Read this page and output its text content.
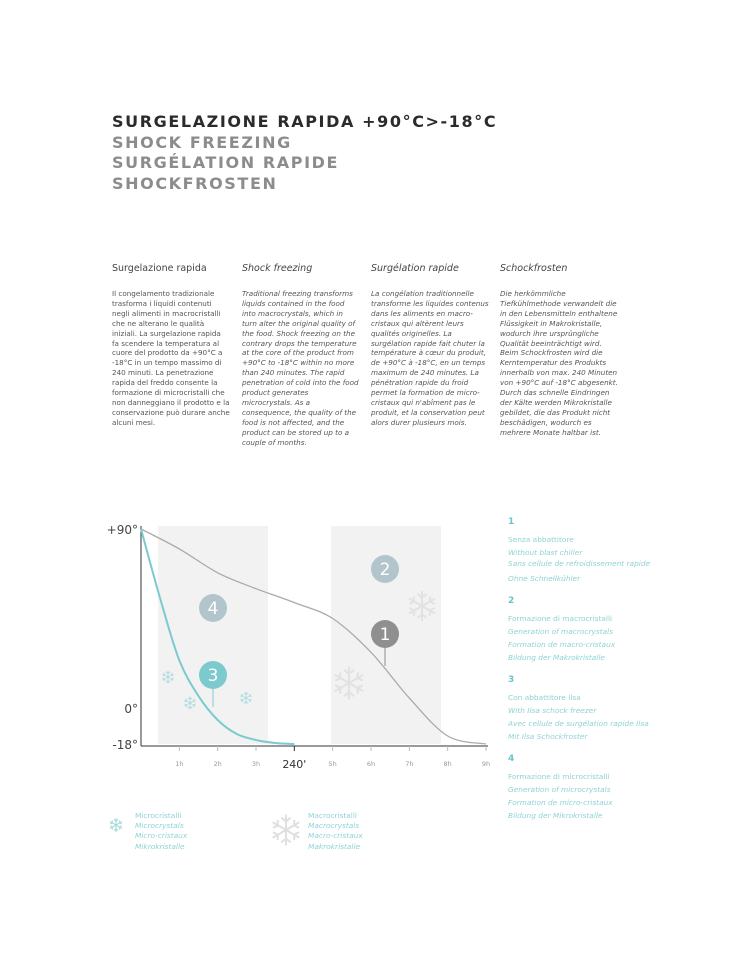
SURGELAZIONE RAPIDA +90°C>-18°C
SHOCK FREEZING
SURGÉLATION RAPIDE
SHOCKFROSTEN
Surgelazione rapida

Il congelamento tradizionale trasforma i liquidi contenuti negli alimenti in macrocristalli che ne alterano le qualità iniziali. La surgelazione rapida fa scendere la temperatura al cuore del prodotto da +90°C a -18°C in un tempo massimo di 240 minuti. La penetrazione rapida del freddo consente la formazione di microcristalli che non danneggiano il prodotto e la conservazione può durare anche alcuni mesi.

Shock freezing

Traditional freezing transforms liquids contained in the food into macrocrystals, which in turn alter the original quality of the food. Shock freezing on the contrary drops the temperature at the core of the product from +90°C to -18°C within no more than 240 minutes. The rapid penetration of cold into the food product generates microcrystals. As a consequence, the quality of the food is not affected, and the product can be stored up to a couple of months.

Surgélation rapide

La congélation traditionnelle transforme les liquides contenus dans les aliments en macro-cristaux qui altèrent leurs qualités originelles. La surgélation rapide fait chuter la température à cœur du produit, de +90°C à -18°C, en un temps maximum de 240 minutes. La pénétration rapide du froid permet la formation de micro-cristaux qui n'abîment pas le produit, et la conservation peut alors durer plusieurs mois.

Schockfrosten

Die herkömmliche Tiefkühlmethode verwandelt die in den Lebensmitteln enthaltene Flüssigkeit in Makrokristalle, wodurch ihre ursprüngliche Qualität beeinträchtigt wird. Beim Schockfrosten wird die Kerntemperatur des Produkts innerhalb von max. 240 Minuten von +90°C auf -18°C abgesenkt. Durch das schnelle Eindringen der Kälte werden Mikrokristalle gebildet, die das Produkt nicht beschädigen, wodurch es mehrere Monate haltbar ist.

1h	2h	3h 240'	5h	6h	7h	8h	9h
+90°
0°
-18°
1
2
3
4
1
Senza abbattitore
Without blast chiller
Sans cellule de refroidissement rapide
Ohne Schnellkühler
2
Formazione di macrocristalli
Generation of macrocrystals
Formation de macro-cristaux
Bildung der Makrokristalle
3
Con abbattitore Ilsa
With Ilsa schock freezer
Avec cellule de surgélation rapide Ilsa
Mit Ilsa Schockfroster
4
Formazione di microcristalli
Generation of microcrystals
Formation de micro-cristaux
Bildung der Mikrokristalle
Microcristalli
Microcrystals
Micro-cristaux
Mikrokristalle
Macrocristalli
Macrocrystals
Macro-cristaux
Makrokristalle
